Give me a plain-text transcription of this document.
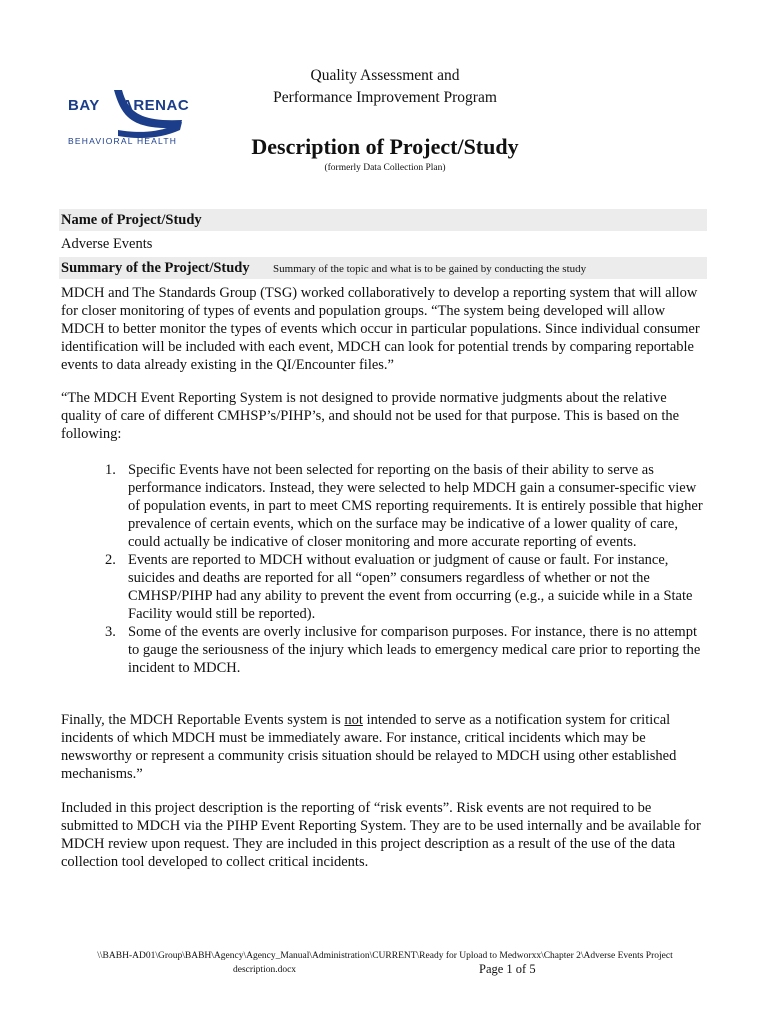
BAY ARENAC
BEHAVIORAL HEALTH
Quality Assessment and
Performance Improvement Program
Description of Project/Study
(formerly Data Collection Plan)
Name of Project/Study
Adverse Events
Summary of the Project/Study Summary of the topic and what is to be gained by conducting the study
MDCH and The Standards Group (TSG) worked collaboratively to develop a reporting system that will allow for closer monitoring of types of events and population groups. “The system being developed will allow MDCH to better monitor the types of events which occur in particular populations. Since individual consumer identification will be included with each event, MDCH can look for potential trends by comparing reportable events to data already existing in the QI/Encounter files.”
“The MDCH Event Reporting System is not designed to provide normative judgments about the relative quality of care of different CMHSP’s/PIHP’s, and should not be used for that purpose. This is based on the following:
1. Specific Events have not been selected for reporting on the basis of their ability to serve as performance indicators. Instead, they were selected to help MDCH gain a consumer-specific view of population events, in part to meet CMS reporting requirements. It is entirely possible that higher prevalence of certain events, which on the surface may be indicative of a lower quality of care, could actually be indicative of closer monitoring and more accurate reporting of events.
2. Events are reported to MDCH without evaluation or judgment of cause or fault. For instance, suicides and deaths are reported for all “open” consumers regardless of whether or not the CMHSP/PIHP had any ability to prevent the event from occurring (e.g., a suicide while in a State Facility would still be reported).
3. Some of the events are overly inclusive for comparison purposes. For instance, there is no attempt to gauge the seriousness of the injury which leads to emergency medical care prior to reporting the incident to MDCH.
Finally, the MDCH Reportable Events system is not intended to serve as a notification system for critical incidents of which MDCH must be immediately aware. For instance, critical incidents which may be newsworthy or represent a community crisis situation should be relayed to MDCH using other established mechanisms.”
Included in this project description is the reporting of “risk events”. Risk events are not required to be submitted to MDCH via the PIHP Event Reporting System. They are to be used internally and be available for MDCH review upon request. They are included in this project description as a result of the use of the data collection tool developed to collect critical incidents.
\\BABH-AD01\Group\BABH\Agency\Agency_Manual\Administration\CURRENT\Ready for Upload to Medworxx\Chapter 2\Adverse Events Project
description.docx	Page 1 of 5
